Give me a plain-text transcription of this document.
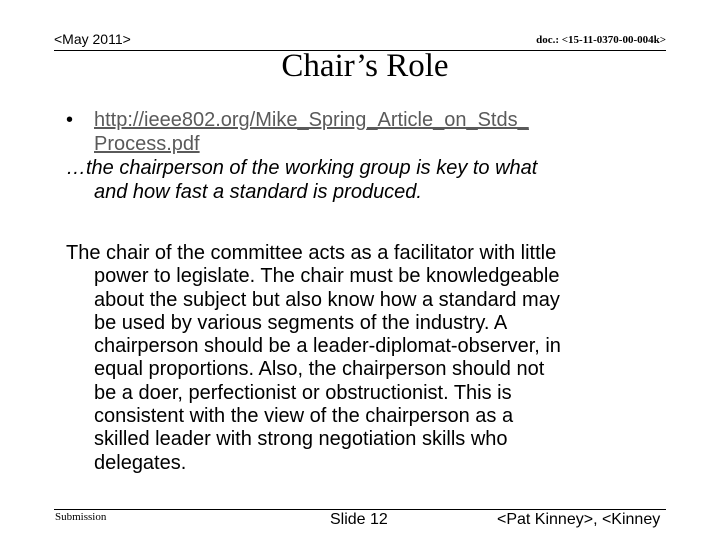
<May 2011>	doc.: <15-11-0370-00-004k>
Chair’s Role
•	http://ieee802.org/Mike_Spring_Article_on_Stds_
Process.pdf
…the chairperson of the working group is key to what
and how fast a standard is produced.
The chair of the committee acts as a facilitator with little
power to legislate. The chair must be knowledgeable
about the subject but also know how a standard may
be used by various segments of the industry. A
chairperson should be a leader-diplomat-observer, in
equal proportions. Also, the chairperson should not
be a doer, perfectionist or obstructionist. This is
consistent with the view of the chairperson as a
skilled leader with strong negotiation skills who
delegates.
Submission	Slide 12	<Pat Kinney>, <Kinney
